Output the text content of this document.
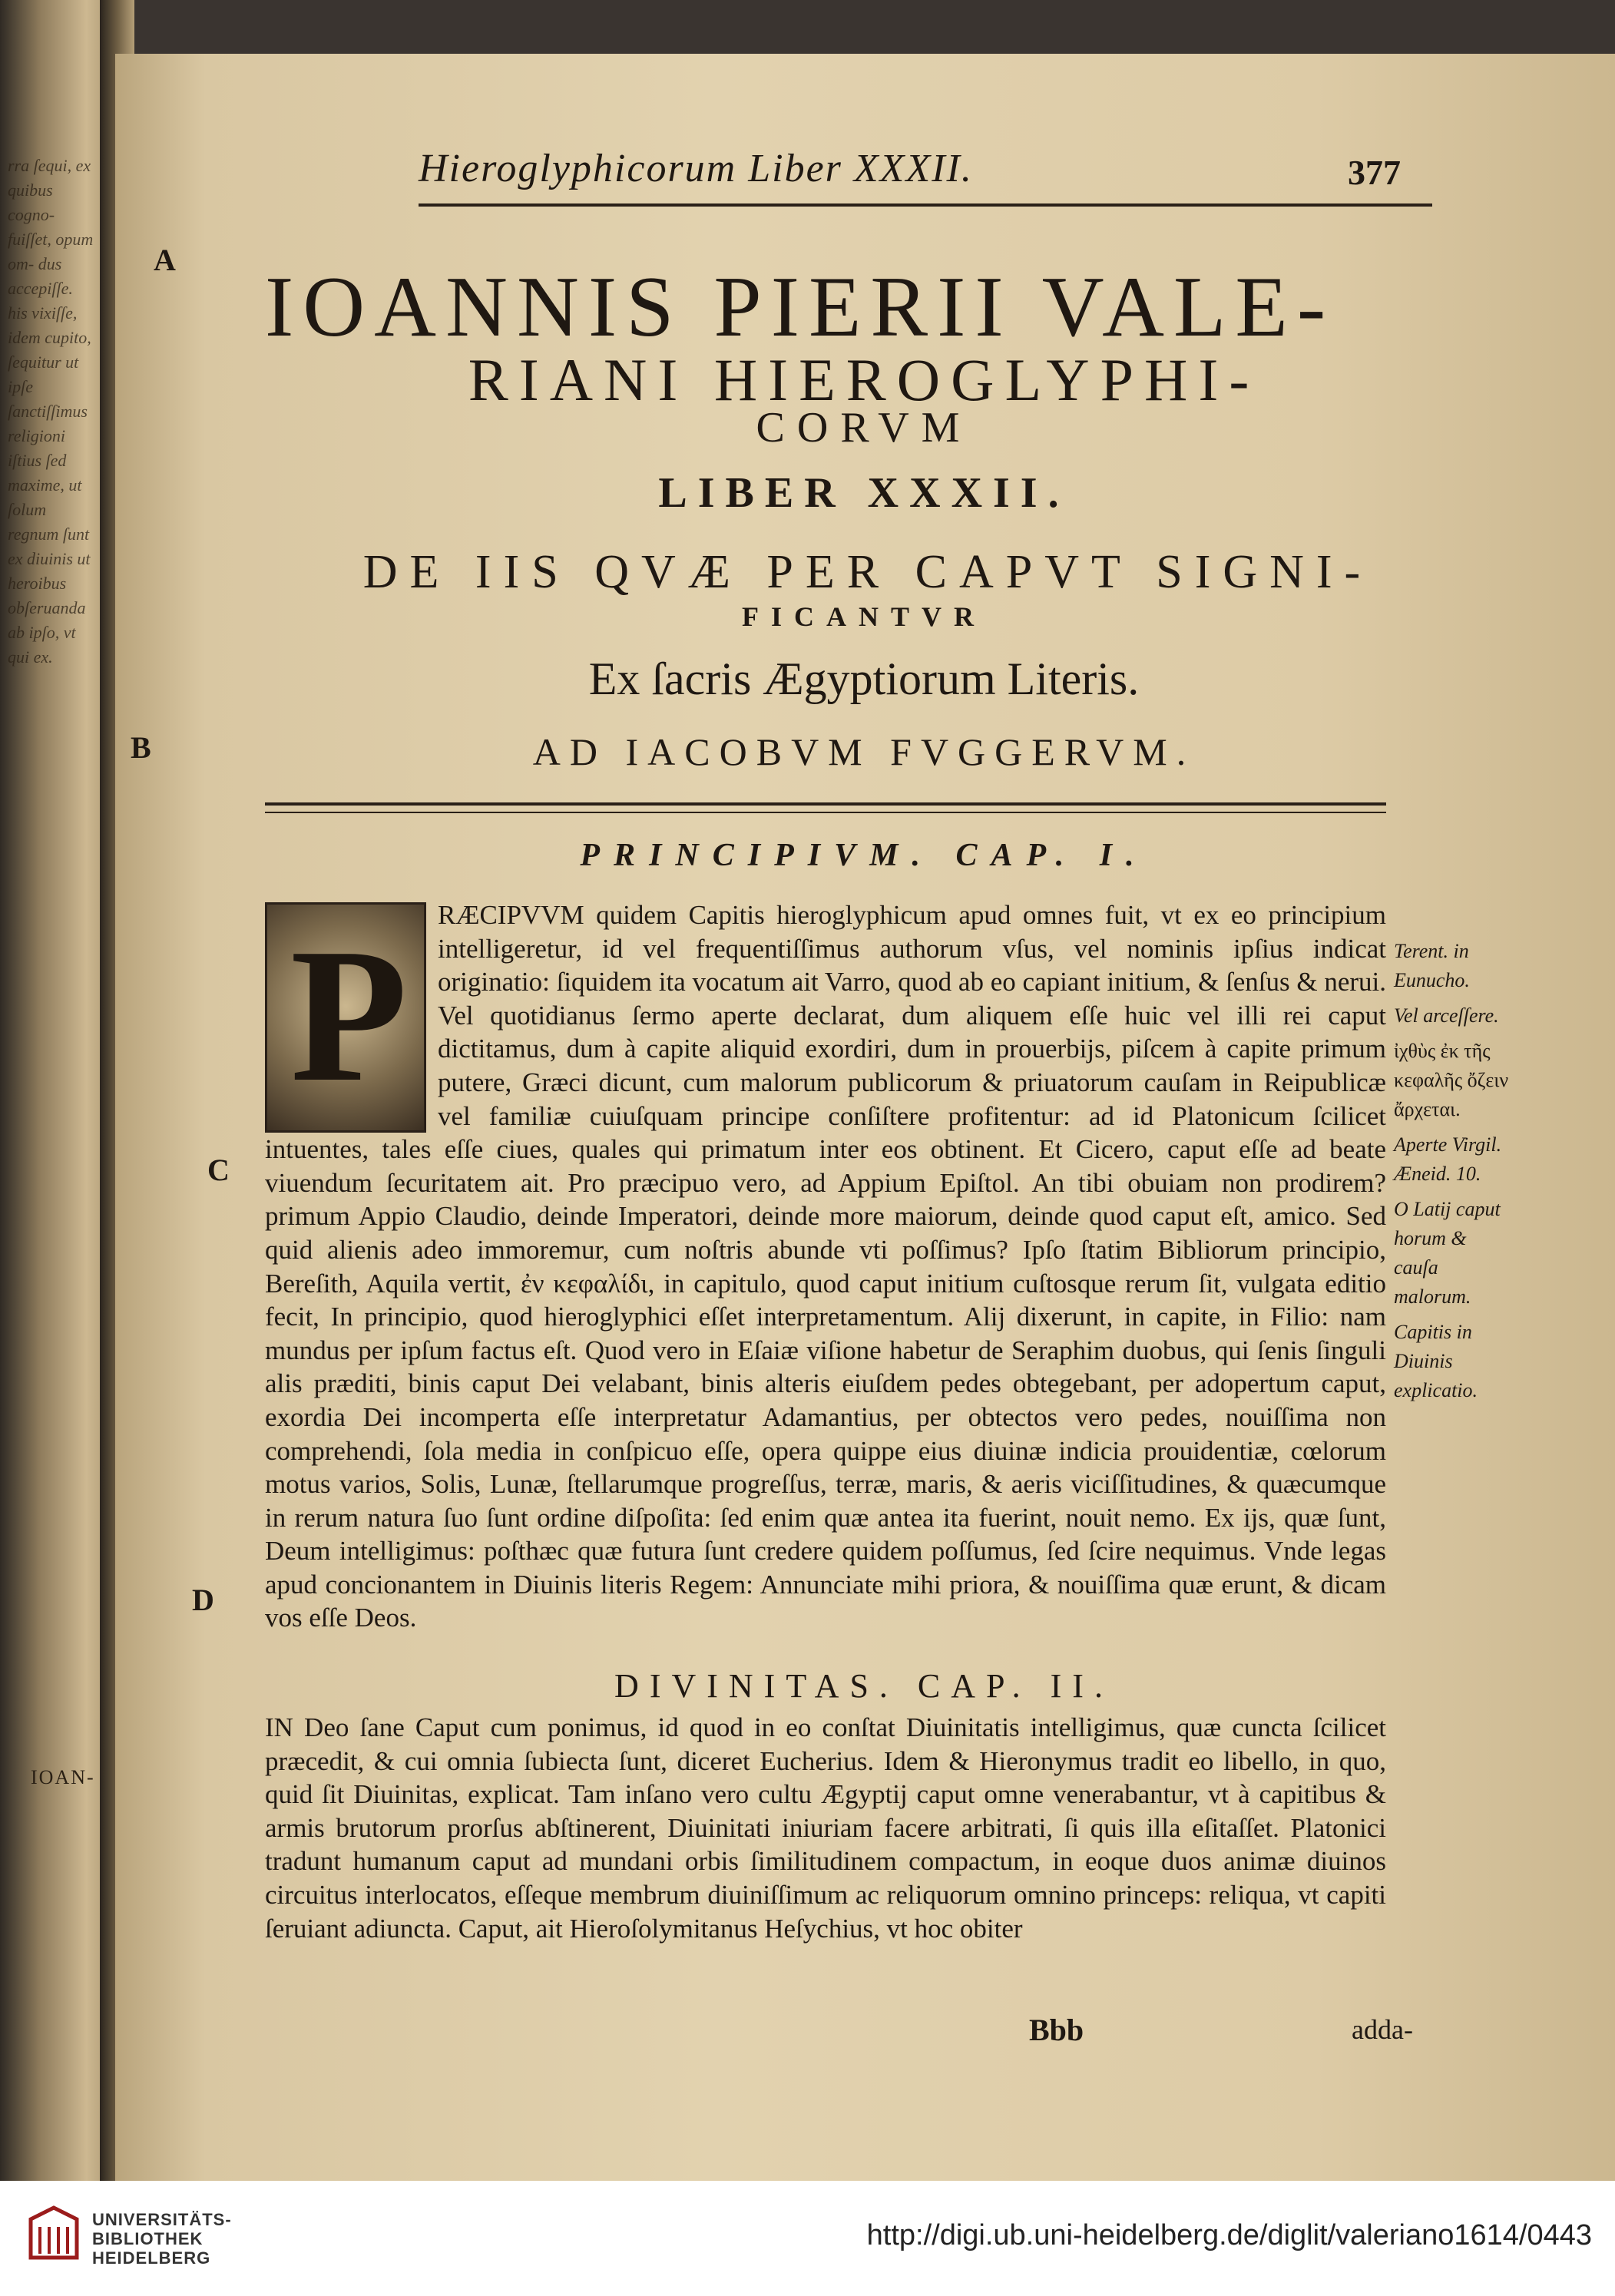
rra ſequi, ex quibus cogno- fuiſſet, opum om- dus accepiſſe. his vixiſſe, idem cupito, ſequitur ut ipſe ſanctiſſimus religioni iſtius ſed maxime, ut ſolum regnum ſunt ex diuinis ut heroibus obſeruanda ab ipſo, vt qui ex.
IOAN-
Hieroglyphicorum Liber XXXII.	377
A IOANNIS PIERII VALE-
RIANI HIEROGLYPHI-
CORVM
LIBER XXXII.
DE IIS QVÆ PER CAPVT SIGNI-
FICANTVR
Ex ſacris Ægyptiorum Literis.
B	AD IACOBVM FVGGERVM.
PRINCIPIVM. CAP. I.
RÆCIPVVM quidem Capitis hieroglyphicum apud omnes fuit, vt ex eo principium intelligeretur, id vel frequentiſſimus authorum vſus, vel nominis ipſius indicat originatio: ſiquidem ita vocatum ait Varro, quod ab eo capiant initium, & ſenſus & nerui. Vel quotidianus ſermo aperte declarat, dum aliquem eſſe huic vel illi rei caput dictitamus, dum à capite aliquid exordiri, dum in prouerbijs, piſcem à capite primum putere, Græci dicunt, cum malorum publicorum & priuatorum cauſam in Reipublicæ vel familiæ cuiuſquam principe conſiſtere profitentur: ad id Platonicum ſcilicet intuentes, tales eſſe ciues, quales qui primatum inter eos obtinent. Et Cicero, caput eſſe ad beate viuendum ſecuritatem ait. Pro præcipuo vero, ad Appium Epiſtol. An tibi obuiam non prodirem? primum Appio Claudio, deinde Imperatori, deinde more maiorum, deinde quod caput eſt, amico. Sed quid alienis adeo immoremur, cum noſtris abunde vti poſſimus? Ipſo ſtatim Bibliorum principio, Bereſith, Aquila vertit, ἐν κεφαλίδι, in capitulo, quod caput initium cuſtosque rerum ſit, vulgata editio fecit, In principio, quod hieroglyphici eſſet interpretamentum. Alij dixerunt, in capite, in Filio: nam mundus per ipſum factus eſt. Quod vero in Eſaiæ viſione habetur de Seraphim duobus, qui ſenis ſinguli alis præditi, binis caput Dei velabant, binis alteris eiuſdem pedes obtegebant, per adopertum caput, exordia Dei incomperta eſſe interpretatur Adamantius, per obtectos vero pedes, nouiſſima non comprehendi, ſola media in conſpicuo eſſe, opera quippe eius diuinæ indicia prouidentiæ, cœlorum motus varios, Solis, Lunæ, ſtellarumque progreſſus, terræ, maris, & aeris viciſſitudines, & quæcumque in rerum natura ſuo ſunt ordine diſpoſita: ſed enim quæ antea ita fuerint, nouit nemo. Ex ijs, quæ ſunt, Deum intelligimus: poſthæc quæ futura ſunt credere quidem poſſumus, ſed ſcire nequimus. Vnde legas apud concionantem in Diuinis literis Regem: Annunciate mihi priora, & nouiſſima quæ erunt, & dicam vos eſſe Deos.
P
C
D
Terent. in Eunucho.
Vel arceſſere.
ἰχθὺς ἐκ τῆς κεφαλῆς ὄζειν ἄρχεται.
Aperte Virgil. Æneid. 10.
O Latij caput horum & cauſa malorum.
Capitis in Diuinis explicatio.
DIVINITAS. CAP. II.
IN Deo ſane Caput cum ponimus, id quod in eo conſtat Diuinitatis intelligimus, quæ cuncta ſcilicet præcedit, & cui omnia ſubiecta ſunt, diceret Eucherius. Idem & Hieronymus tradit eo libello, in quo, quid ſit Diuinitas, explicat. Tam inſano vero cultu Ægyptij caput omne venerabantur, vt à capitibus & armis brutorum prorſus abſtinerent, Diuinitati iniuriam facere arbitrati, ſi quis illa eſitaſſet. Platonici tradunt humanum caput ad mundani orbis ſimilitudinem compactum, in eoque duos animæ diuinos circuitus interlocatos, eſſeque membrum diuiniſſimum ac reliquorum omnino princeps: reliqua, vt capiti ſeruiant adiuncta. Caput, ait Hieroſolymitanus Heſychius, vt hoc obiter
Bbb	adda-
UNIVERSITÄTS-
BIBLIOTHEK
HEIDELBERG
http://digi.ub.uni-heidelberg.de/diglit/valeriano1614/0443
